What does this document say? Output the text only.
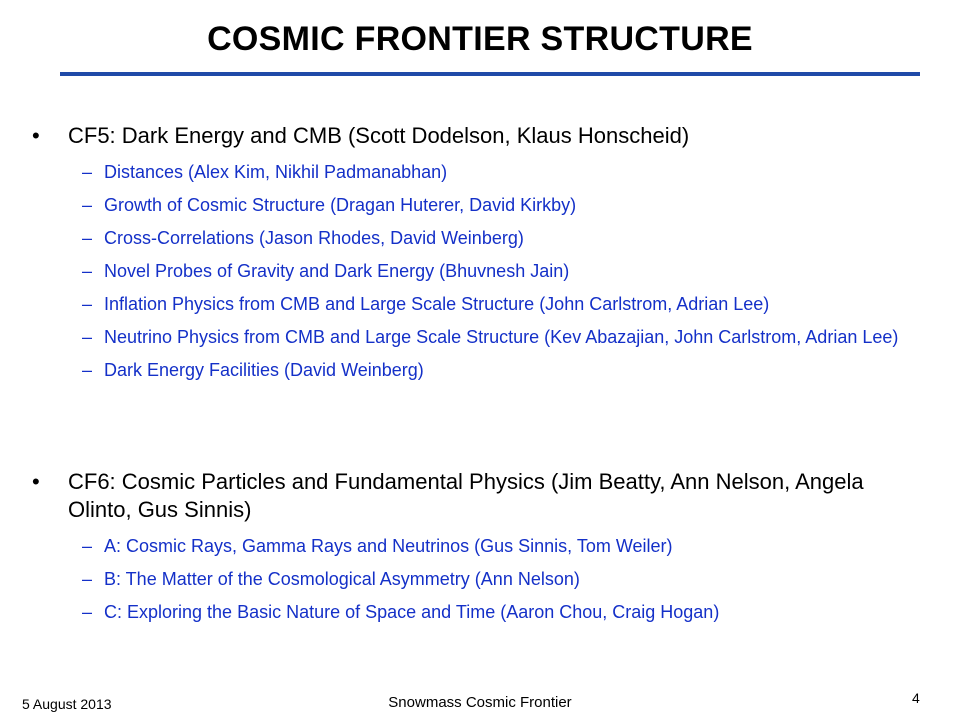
COSMIC FRONTIER STRUCTURE
•	CF5: Dark Energy and CMB (Scott Dodelson, Klaus Honscheid)
– Distances (Alex Kim, Nikhil Padmanabhan)
– Growth of Cosmic Structure (Dragan Huterer, David Kirkby)
– Cross-Correlations (Jason Rhodes, David Weinberg)
– Novel Probes of Gravity and Dark Energy (Bhuvnesh Jain)
– Inflation Physics from CMB and Large Scale Structure (John Carlstrom, Adrian Lee)
– Neutrino Physics from CMB and Large Scale Structure (Kev Abazajian, John Carlstrom, Adrian Lee)
– Dark Energy Facilities (David Weinberg)
•	CF6: Cosmic Particles and Fundamental Physics (Jim Beatty, Ann Nelson, Angela Olinto, Gus Sinnis)
– A: Cosmic Rays, Gamma Rays and Neutrinos (Gus Sinnis, Tom Weiler)
– B: The Matter of the Cosmological Asymmetry (Ann Nelson)
– C: Exploring the Basic Nature of Space and Time (Aaron Chou, Craig Hogan)
5 August 2013	Snowmass Cosmic Frontier	4
